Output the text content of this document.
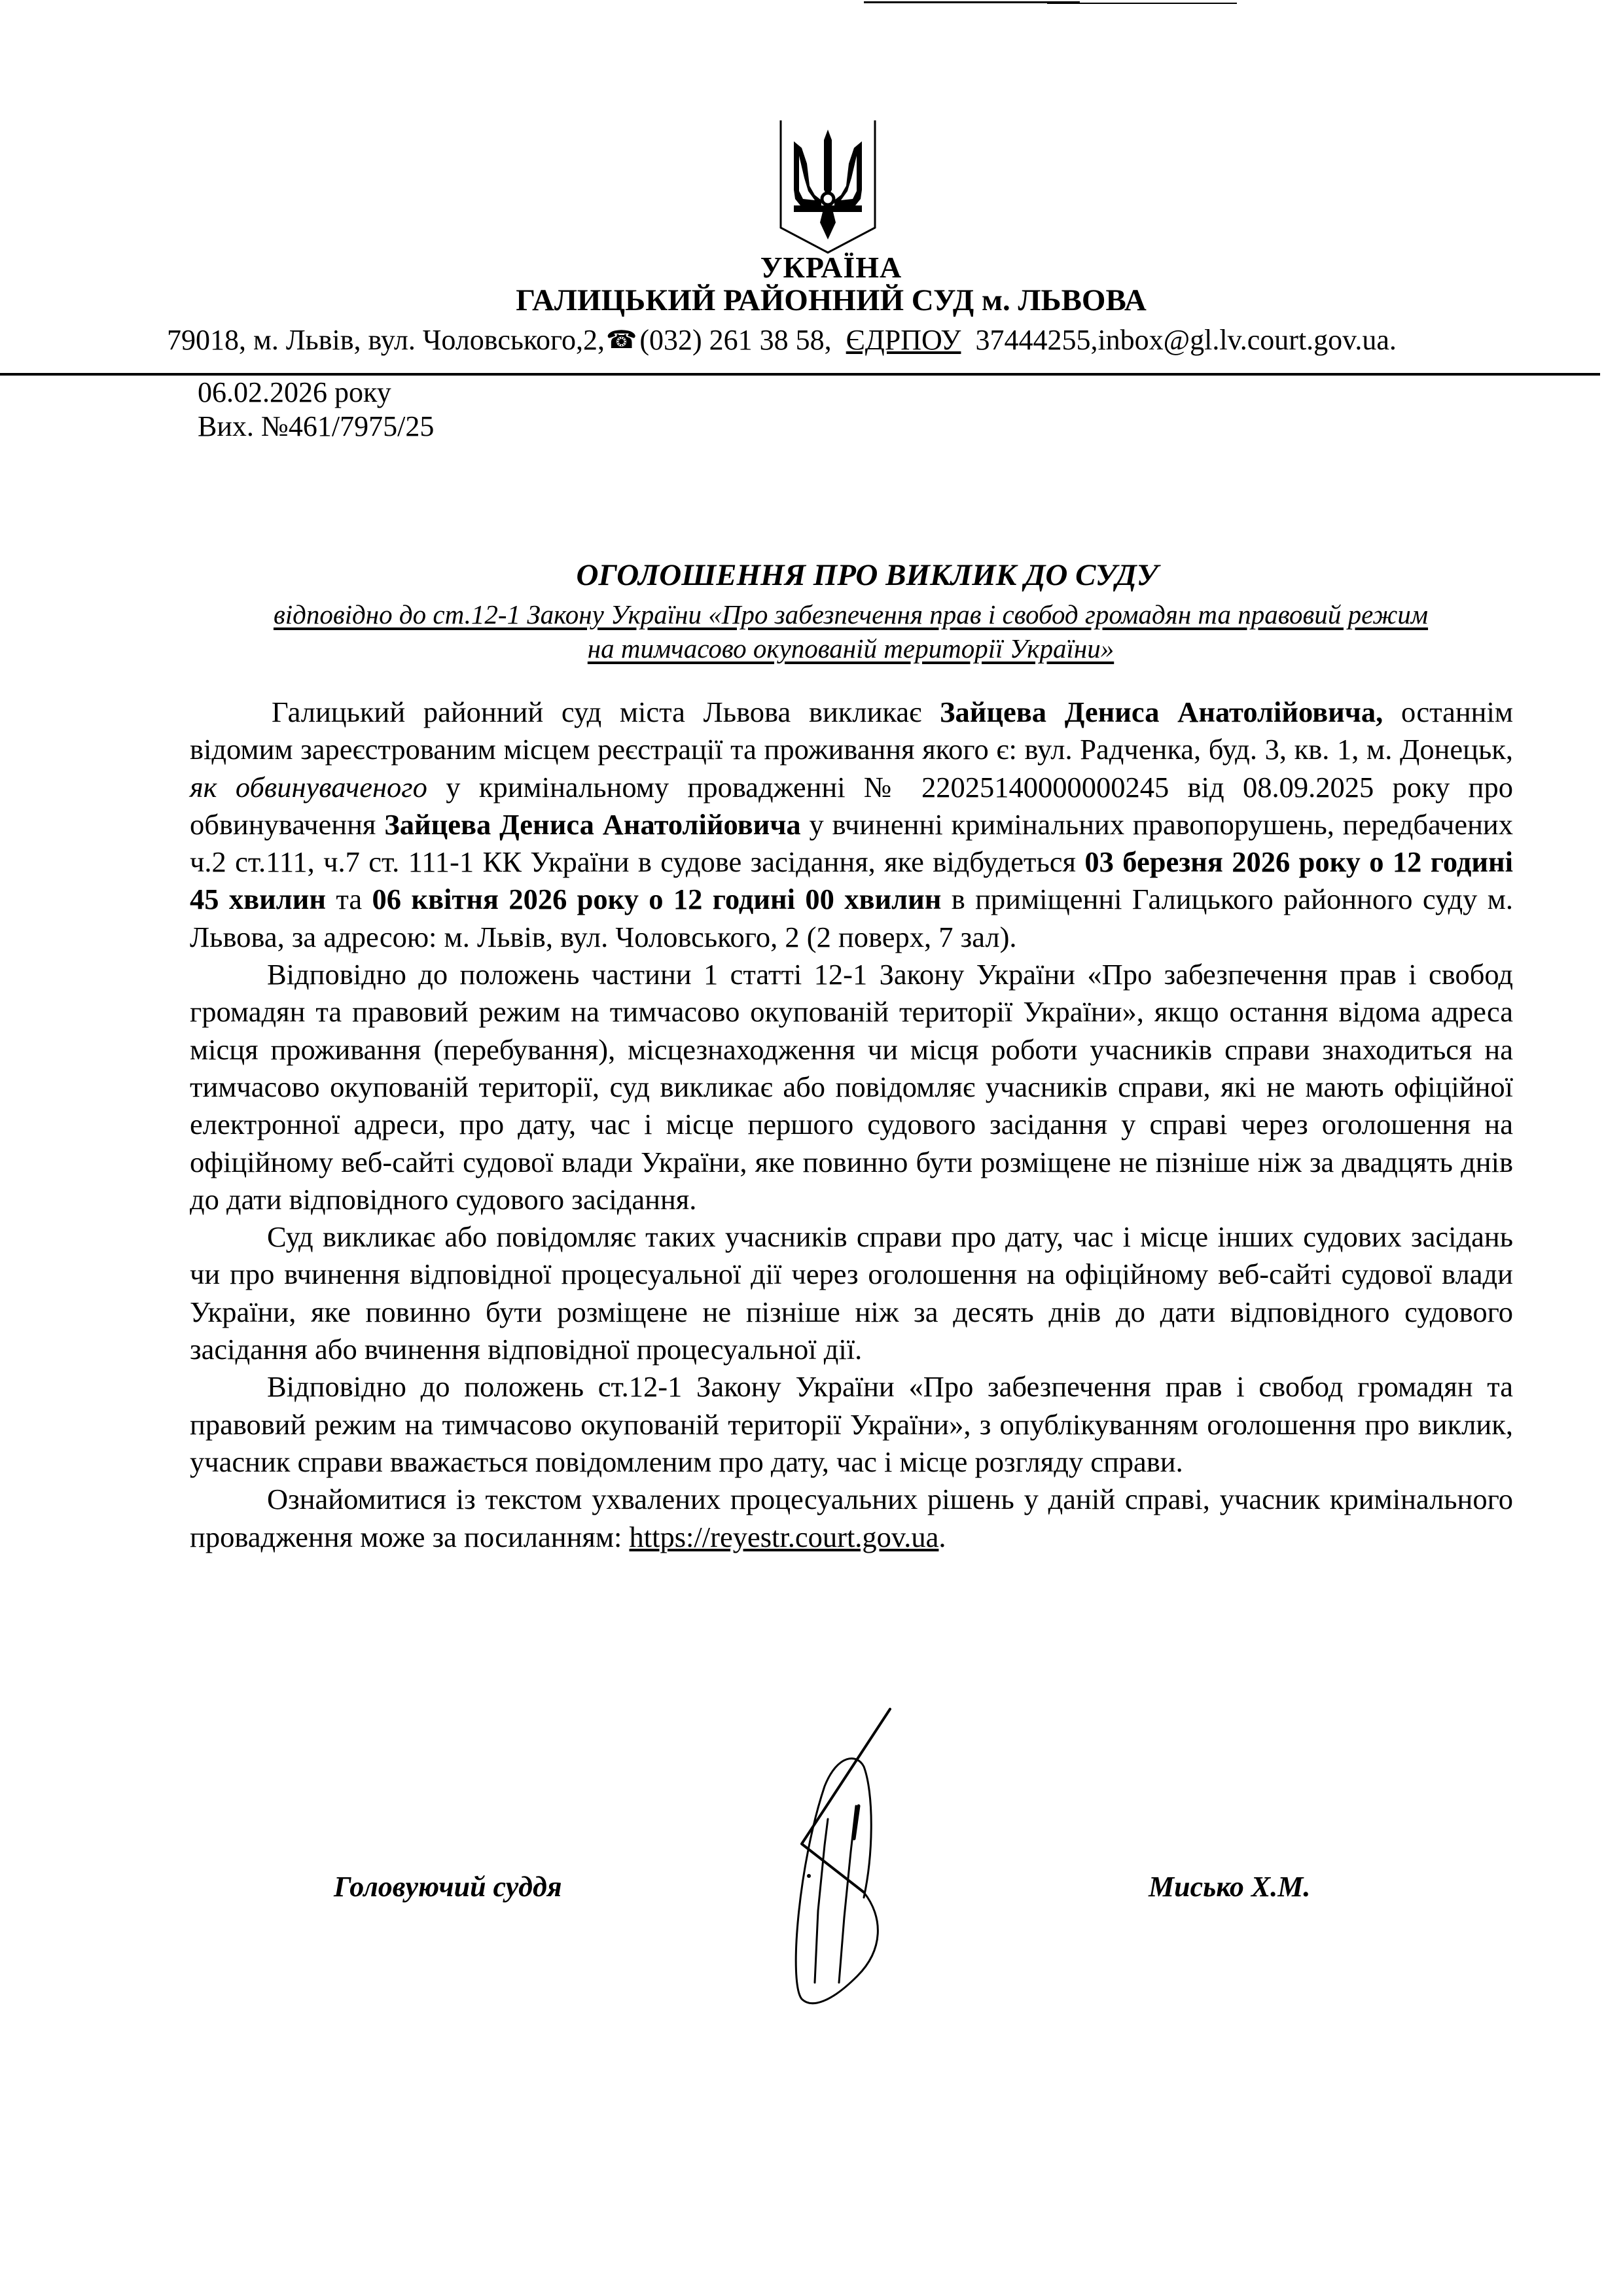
УКРАЇНА
ГАЛИЦЬКИЙ РАЙОННИЙ СУД м. ЛЬВОВА
79018, м. Львів, вул. Чоловського,2,☎(032) 261 38 58, ЄДРПОУ 37444255,inbox@gl.lv.court.gov.ua.
06.02.2026 року
Вих. №461/7975/25
ОГОЛОШЕННЯ ПРО ВИКЛИК ДО СУДУ
відповідно до ст.12-1 Закону України «Про забезпечення прав і свобод громадян та правовий режим
на тимчасово окупованій території України»

Галицький районний суд міста Львова викликає Зайцева Дениса Анатолійовича, останнім відомим зареєстрованим місцем реєстрації та проживання якого є: вул. Радченка, буд. 3, кв. 1, м. Донецьк, як обвинуваченого у кримінальному провадженні № 22025140000000245 від 08.09.2025 року про обвинувачення Зайцева Дениса Анатолійовича у вчиненні кримінальних правопорушень, передбачених ч.2 ст.111, ч.7 ст. 111-1 КК України в судове засідання, яке відбудеться 03 березня 2026 року о 12 годині 45 хвилин та 06 квітня 2026 року о 12 годині 00 хвилин в приміщенні Галицького районного суду м. Львова, за адресою: м. Львів, вул. Чоловського, 2 (2 поверх, 7 зал).

Відповідно до положень частини 1 статті 12-1 Закону України «Про забезпечення прав і свобод громадян та правовий режим на тимчасово окупованій території України», якщо остання відома адреса місця проживання (перебування), місцезнаходження чи місця роботи учасників справи знаходиться на тимчасово окупованій території, суд викликає або повідомляє учасників справи, які не мають офіційної електронної адреси, про дату, час і місце першого судового засідання у справі через оголошення на офіційному веб-сайті судової влади України, яке повинно бути розміщене не пізніше ніж за двадцять днів до дати відповідного судового засідання.

Суд викликає або повідомляє таких учасників справи про дату, час і місце інших судових засідань чи про вчинення відповідної процесуальної дії через оголошення на офіційному веб-сайті судової влади України, яке повинно бути розміщене не пізніше ніж за десять днів до дати відповідного судового засідання або вчинення відповідної процесуальної дії.

Відповідно до положень ст.12-1 Закону України «Про забезпечення прав і свобод громадян та правовий режим на тимчасово окупованій території України», з опублікуванням оголошення про виклик, учасник справи вважається повідомленим про дату, час і місце розгляду справи.

Ознайомитися із текстом ухвалених процесуальних рішень у даній справі, учасник кримінального провадження може за посиланням: https://reyestr.court.gov.ua.

Головуючий суддя	Мисько Х.М.
